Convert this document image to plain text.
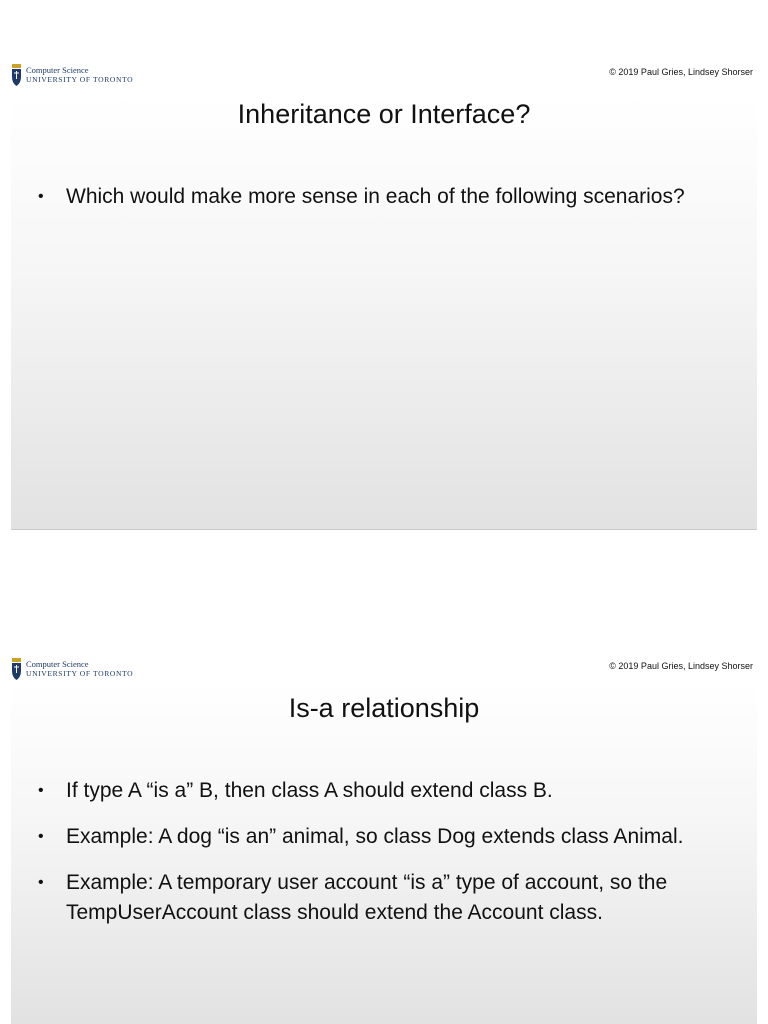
Computer Science
UNIVERSITY OF TORONTO
© 2019 Paul Gries, Lindsey Shorser
Inheritance or Interface?
• Which would make more sense in each of the following scenarios?
Computer Science
UNIVERSITY OF TORONTO
© 2019 Paul Gries, Lindsey Shorser
Is-a relationship
• If type A “is a” B, then class A should extend class B.
• Example: A dog “is an” animal, so class Dog extends class Animal.
• Example: A temporary user account “is a” type of account, so the TempUserAccount class should extend the Account class.
